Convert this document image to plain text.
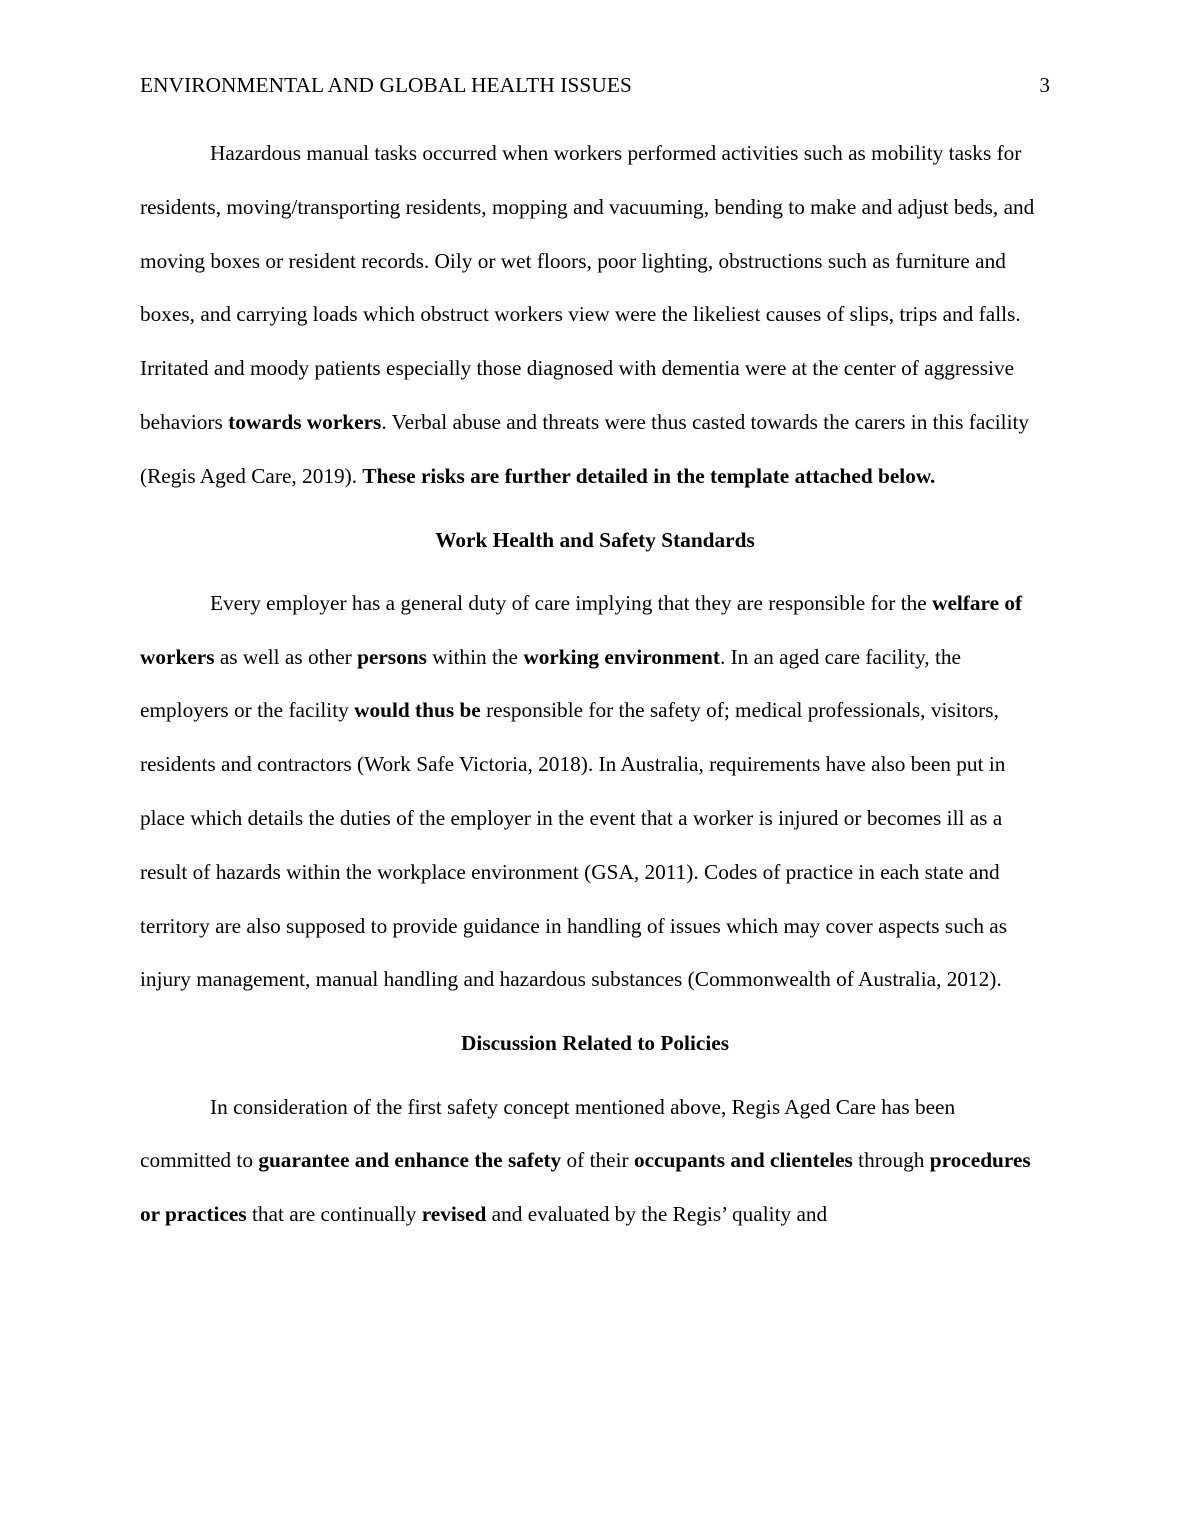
ENVIRONMENTAL AND GLOBAL HEALTH ISSUES	3

Hazardous manual tasks occurred when workers performed activities such as mobility tasks for residents, moving/transporting residents, mopping and vacuuming, bending to make and adjust beds, and moving boxes or resident records. Oily or wet floors, poor lighting, obstructions such as furniture and boxes, and carrying loads which obstruct workers view were the likeliest causes of slips, trips and falls. Irritated and moody patients especially those diagnosed with dementia were at the center of aggressive behaviors towards workers. Verbal abuse and threats were thus casted towards the carers in this facility (Regis Aged Care, 2019). These risks are further detailed in the template attached below.

Work Health and Safety Standards

Every employer has a general duty of care implying that they are responsible for the welfare of workers as well as other persons within the working environment. In an aged care facility, the employers or the facility would thus be responsible for the safety of; medical professionals, visitors, residents and contractors (Work Safe Victoria, 2018). In Australia, requirements have also been put in place which details the duties of the employer in the event that a worker is injured or becomes ill as a result of hazards within the workplace environment (GSA, 2011). Codes of practice in each state and territory are also supposed to provide guidance in handling of issues which may cover aspects such as injury management, manual handling and hazardous substances (Commonwealth of Australia, 2012).

Discussion Related to Policies

In consideration of the first safety concept mentioned above, Regis Aged Care has been committed to guarantee and enhance the safety of their occupants and clienteles through procedures or practices that are continually revised and evaluated by the Regis’ quality and
